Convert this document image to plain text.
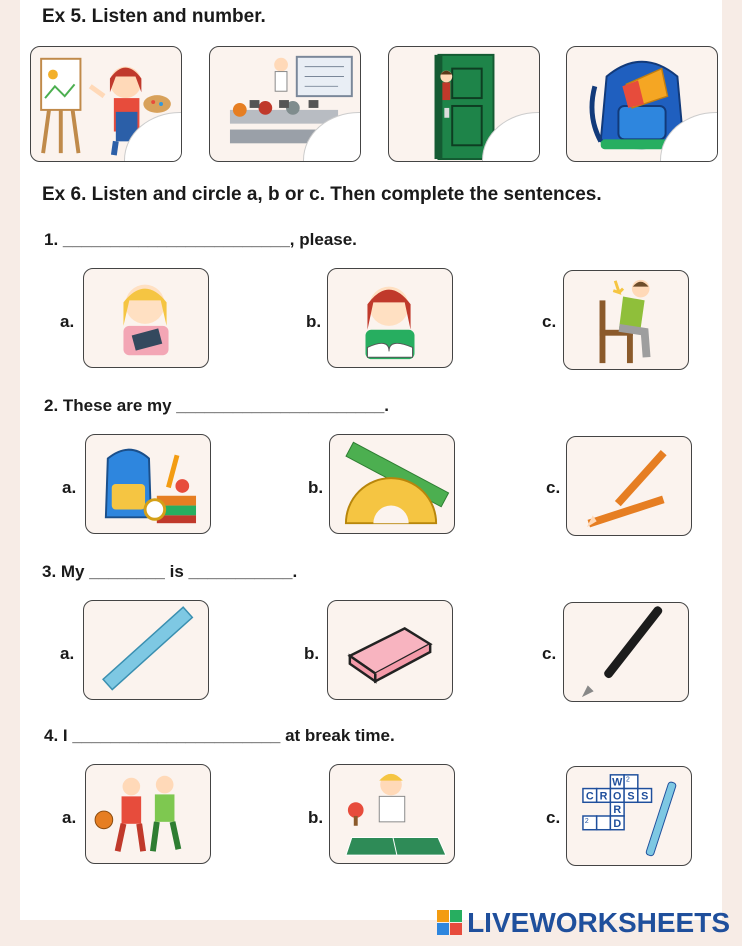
Ex 5. Listen and number.
Ex 6. Listen and circle a, b or c. Then complete the sentences.
1. ________________________, please.
a.	b.	c.
2. These are my ______________________.
a.	b.	c.
3. My ________ is ___________.
a.	b.	c.
4. I ______________________ at break time.
a.	b.	c.
W
C R O S S
R
D
2
2
LIVEWORKSHEETS
